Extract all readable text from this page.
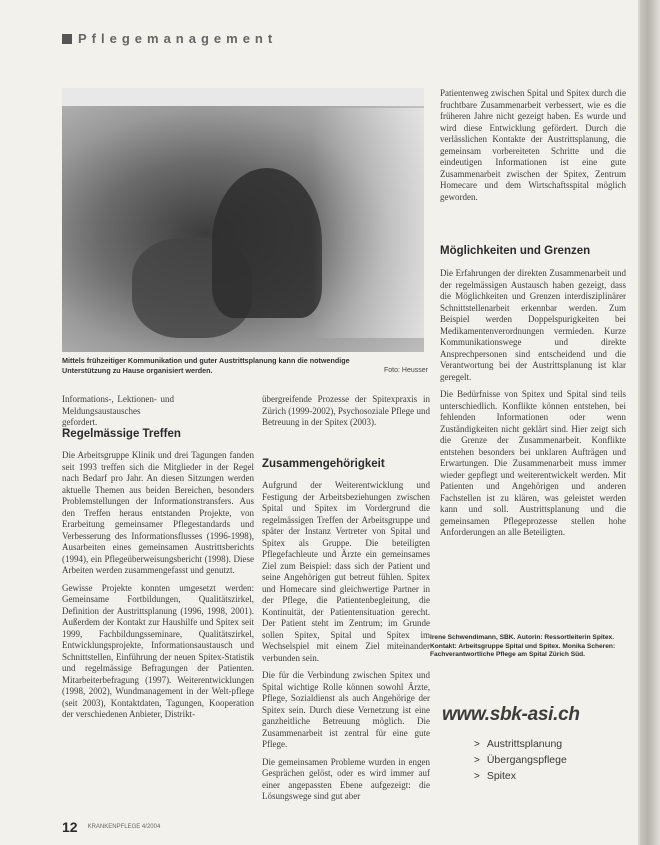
Pflegemanagement
Mittels frühzeitiger Kommunikation und guter Austrittsplanung kann die notwendige Unterstützung zu Hause organisiert werden.	Foto: Heusser
Informations-, Lektionen- und Meldungsaustausches gefordert.
Regelmässige Treffen

Die Arbeitsgruppe Klinik und drei Tagungen fanden seit 1993 treffen sich die Mitglieder in der Regel nach Bedarf pro Jahr. An diesen Sitzungen werden aktuelle Themen aus beiden Bereichen, besonders Problemstellungen der Informationstransfers. Aus den Treffen heraus entstanden Projekte, von Erarbeitung gemeinsamer Pflegestandards und Verbesserung des Informationsflusses (1996-1998), Ausarbeiten eines gemeinsamen Austrittsberichts (1994), ein Pflegeüberweisungsbericht (1998). Diese Arbeiten werden zusammengefasst und genutzt.

Gewisse Projekte konnten umgesetzt werden: Gemeinsame Fortbildungen, Qualitätszirkel, Definition der Austrittsplanung (1996, 1998, 2001). Außerdem der Kontakt zur Haushilfe und Spitex seit 1999, Fachbildungsseminare, Qualitätszirkel, Entwicklungsprojekte, Informationsaustausch und Schnittstellen, Einführung der neuen Spitex-Statistik und regelmässige Befragungen der Patienten. Mitarbeiterbefragung (1997). Weiterentwicklungen (1998, 2002), Wundmanagement in der Welt-pflege (seit 2003), Kontaktdaten, Tagungen, Kooperation der verschiedenen Anbieter, Distrikt-

übergreifende Prozesse der Spitexpraxis in Zürich (1999-2002), Psychosoziale Pflege und Betreuung in der Spitex (2003).
Zusammengehörigkeit

Aufgrund der Weiterentwicklung und Festigung der Arbeitsbeziehungen zwischen Spital und Spitex im Vordergrund die regelmässigen Treffen der Arbeitsgruppe und später der Instanz Vertreter von Spital und Spitex als Gruppe. Die beteiligten Pflegefachleute und Ärzte ein gemeinsames Ziel zum Beispiel: dass sich der Patient und seine Angehörigen gut betreut fühlen. Spitex und Homecare sind gleichwertige Partner in der Pflege, die Patientenbegleitung, die Kontinuität, der Patientensituation gerecht. Der Patient steht im Zentrum; im Grunde sollen Spitex, Spital und Spitex im Wechselspiel mit einem Ziel miteinander verbunden sein.

Die für die Verbindung zwischen Spitex und Spital wichtige Rolle können sowohl Ärzte, Pflege, Sozialdienst als auch Angehörige der Spitex sein. Durch diese Vernetzung ist eine ganzheitliche Betreuung möglich. Die Zusammenarbeit ist zentral für eine gute Pflege.

Die gemeinsamen Probleme wurden in engen Gesprächen gelöst, oder es wird immer auf einer angepassten Ebene aufgezeigt: die Lösungswege sind gut aber

Patientenweg zwischen Spital und Spitex durch die fruchtbare Zusammenarbeit verbessert, wie es die früheren Jahre nicht gezeigt haben. Es wurde und wird diese Entwicklung gefördert. Durch die verlässlichen Kontakte der Austrittsplanung, die gemeinsam vorbereiteten Schritte und die eindeutigen Informationen ist eine gute Zusammenarbeit zwischen der Spitex, Zentrum Homecare und dem Wirtschaftsspital möglich geworden.
Möglichkeiten und Grenzen

Die Erfahrungen der direkten Zusammenarbeit und der regelmässigen Austausch haben gezeigt, dass die Möglichkeiten und Grenzen interdisziplinärer Schnittstellenarbeit erkennbar werden. Zum Beispiel werden Doppelspurigkeiten bei Medikamentenverordnungen vermieden. Kurze Kommunikationswege und direkte Ansprechpersonen sind entscheidend und die Verantwortung bei der Austrittsplanung ist klar geregelt.

Die Bedürfnisse von Spitex und Spital sind teils unterschiedlich. Konflikte können entstehen, bei fehlenden Informationen oder wenn Zuständigkeiten nicht geklärt sind. Hier zeigt sich die Grenze der Zusammenarbeit. Konflikte entstehen besonders bei unklaren Aufträgen und Erwartungen. Die Zusammenarbeit muss immer wieder gepflegt und weiterentwickelt werden. Mit Patienten und Angehörigen und anderen Fachstellen ist zu klären, was geleistet werden kann und soll. Austrittsplanung und die gemeinsamen Pflegeprozesse stellen hohe Anforderungen an alle Beteiligten.

Irene Schwendimann, SBK. Autorin: Ressortleiterin Spitex. Kontakt: Arbeitsgruppe Spital und Spitex. Monika Scheren: Fachverantwortliche Pflege am Spital Zürich Süd.
www.sbk-asi.ch
> Austrittsplanung
> Übergangspflege
> Spitex
12 KRANKENPFLEGE 4/2004
